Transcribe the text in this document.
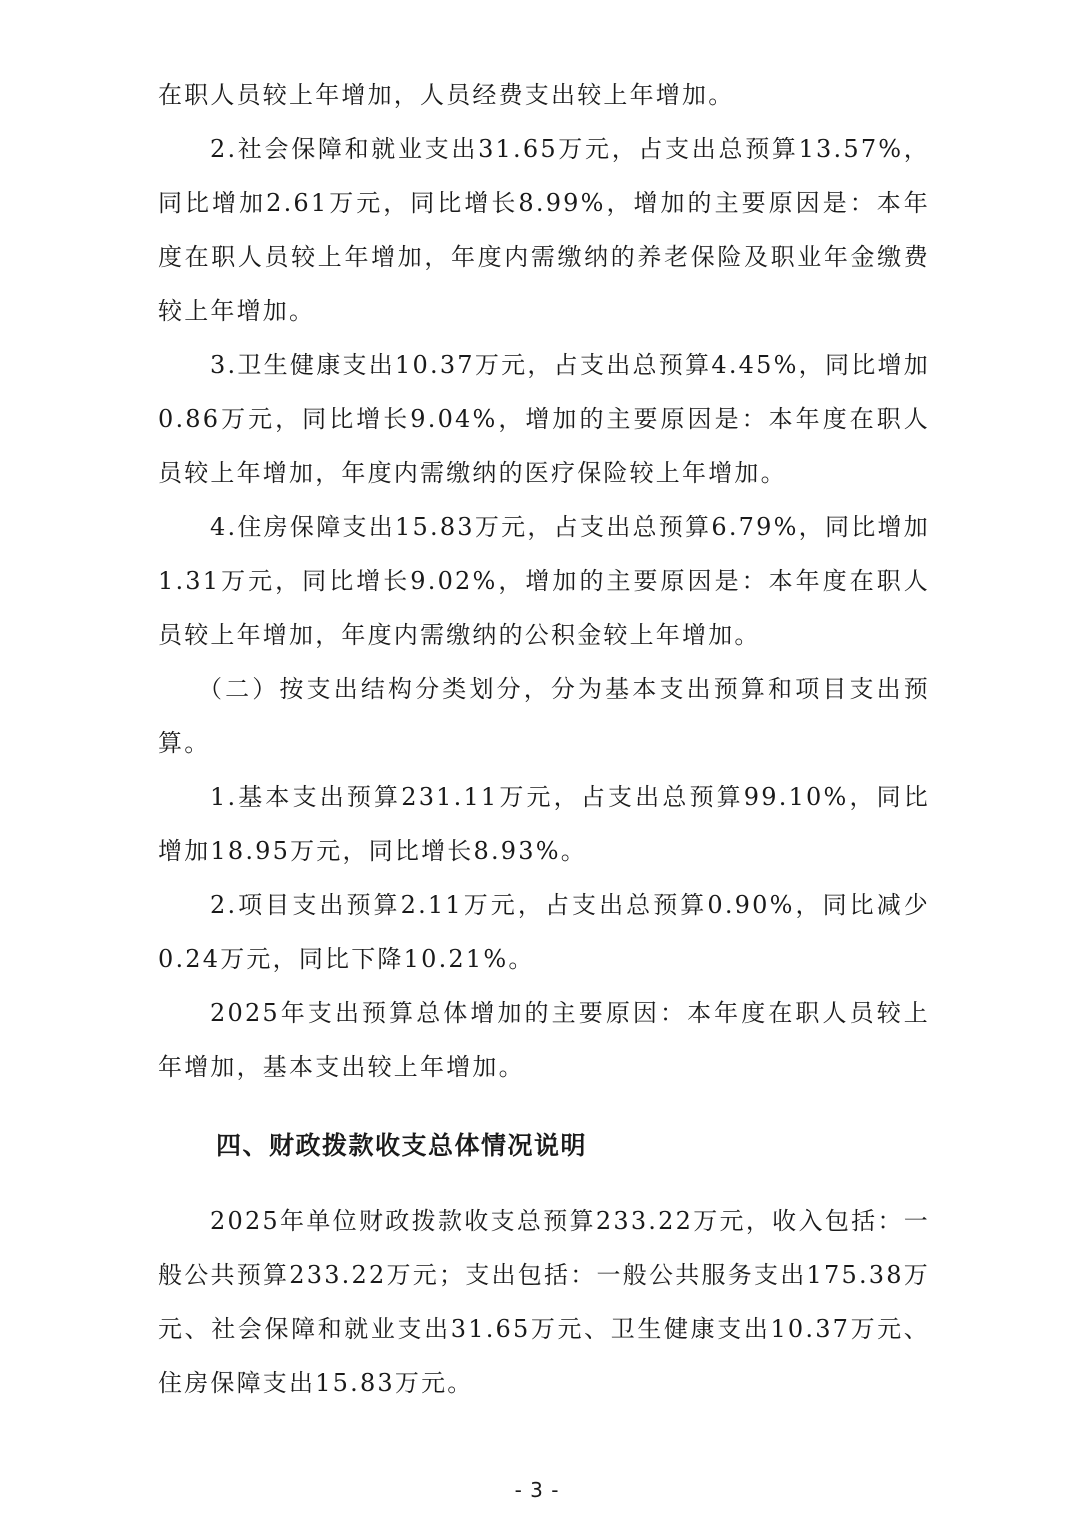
在职人员较上年增加，人员经费支出较上年增加。

2.社会保障和就业支出31.65万元，占支出总预算13.57%，同比增加2.61万元，同比增长8.99%，增加的主要原因是：本年度在职人员较上年增加，年度内需缴纳的养老保险及职业年金缴费较上年增加。

3.卫生健康支出10.37万元，占支出总预算4.45%，同比增加0.86万元，同比增长9.04%，增加的主要原因是：本年度在职人员较上年增加，年度内需缴纳的医疗保险较上年增加。

4.住房保障支出15.83万元，占支出总预算6.79%，同比增加1.31万元，同比增长9.02%，增加的主要原因是：本年度在职人员较上年增加，年度内需缴纳的公积金较上年增加。

（二）按支出结构分类划分，分为基本支出预算和项目支出预算。

1.基本支出预算231.11万元，占支出总预算99.10%，同比增加18.95万元，同比增长8.93%。

2.项目支出预算2.11万元，占支出总预算0.90%，同比减少0.24万元，同比下降10.21%。

2025年支出预算总体增加的主要原因：本年度在职人员较上年增加，基本支出较上年增加。

四、财政拨款收支总体情况说明

2025年单位财政拨款收支总预算233.22万元，收入包括：一般公共预算233.22万元；支出包括：一般公共服务支出175.38万元、社会保障和就业支出31.65万元、卫生健康支出10.37万元、住房保障支出15.83万元。

- 3 -
